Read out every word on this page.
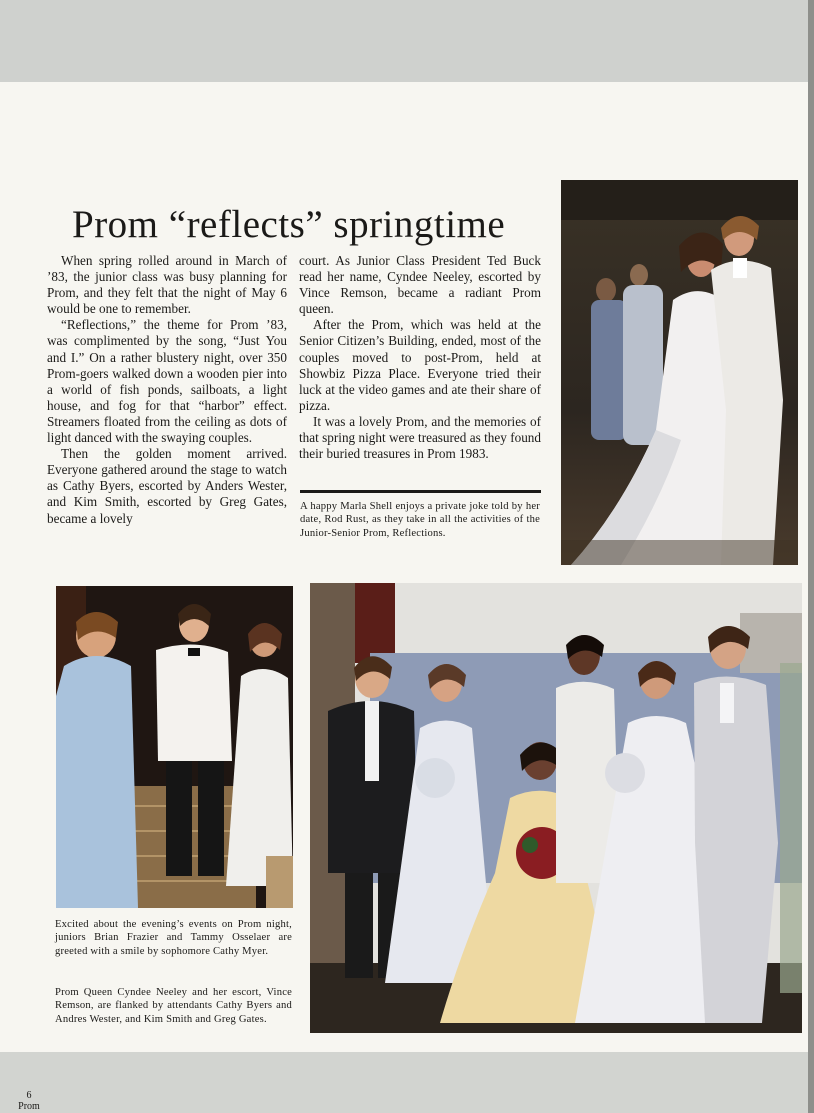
Prom “reflects” springtime

When spring rolled around in March of ’83, the junior class was busy planning for Prom, and they felt that the night of May 6 would be one to remember.

“Reflections,” the theme for Prom ’83, was complimented by the song, “Just You and I.” On a rather blustery night, over 350 Prom-goers walked down a wooden pier into a world of fish ponds, sailboats, a light house, and fog for that “harbor” effect. Streamers floated from the ceiling as dots of light danced with the swaying couples.

Then the golden moment arrived. Everyone gathered around the stage to watch as Cathy Byers, escorted by Anders Wester, and Kim Smith, escorted by Greg Gates, became a lovely

court. As Junior Class President Ted Buck read her name, Cyndee Neeley, escorted by Vince Remson, became a radiant Prom queen.

After the Prom, which was held at the Senior Citizen’s Building, ended, most of the couples moved to post-Prom, held at Showbiz Pizza Place. Everyone tried their luck at the video games and ate their share of pizza.

It was a lovely Prom, and the memories of that spring night were treasured as they found their buried treasures in Prom 1983.

A happy Marla Shell enjoys a private joke told by her date, Rod Rust, as they take in all the activities of the Junior-Senior Prom, Reflections.
Excited about the evening’s events on Prom night, juniors Brian Frazier and Tammy Osselaer are greeted with a smile by sophomore Cathy Myer.
Prom Queen Cyndee Neeley and her escort, Vince Remson, are flanked by attendants Cathy Byers and Andres Wester, and Kim Smith and Greg Gates.
6
Prom
